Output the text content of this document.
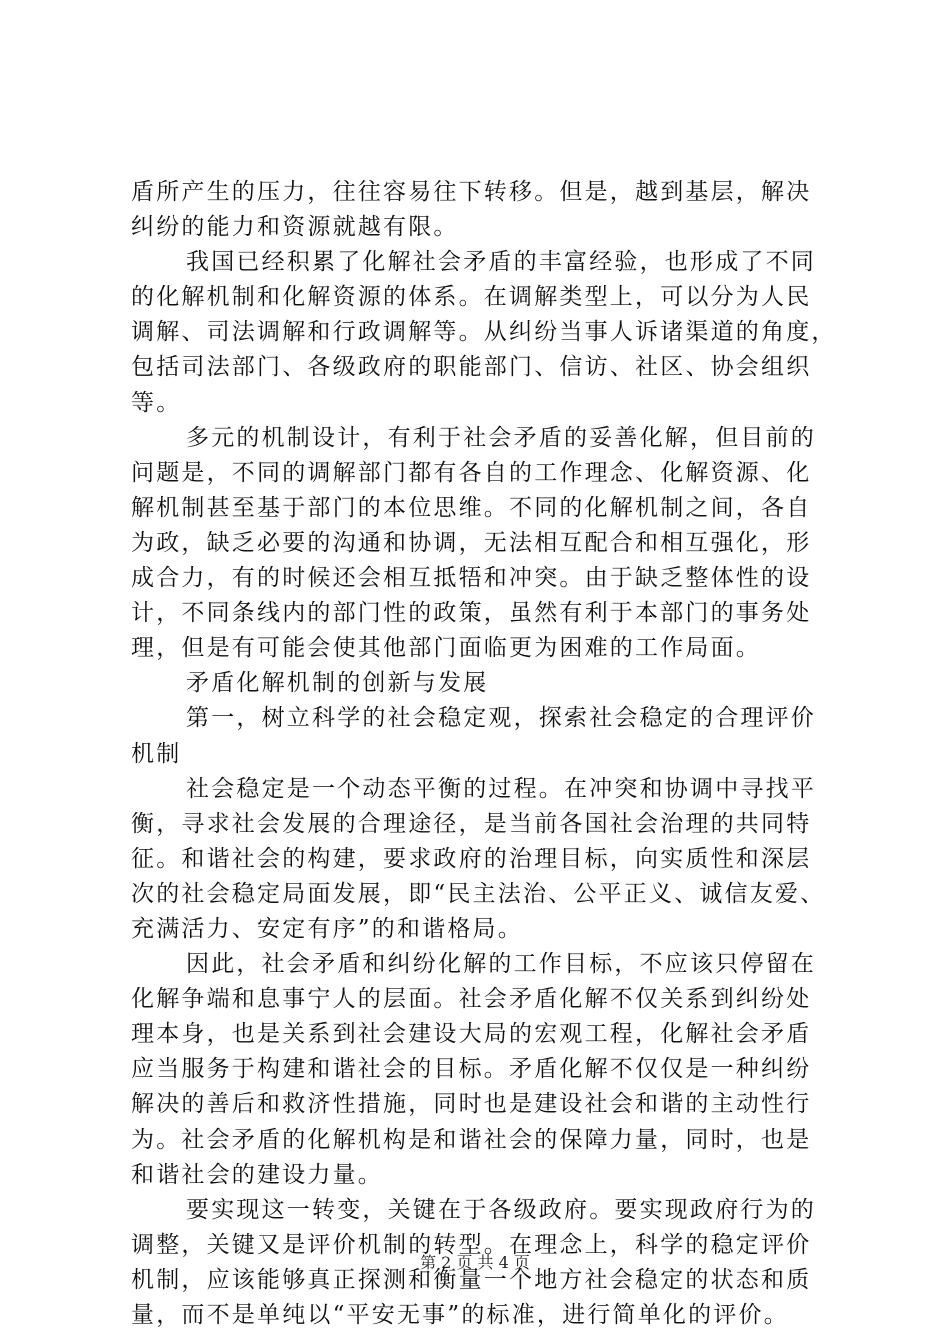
盾所产生的压力，往往容易往下转移。但是，越到基层，解决
纠纷的能力和资源就越有限。
我国已经积累了化解社会矛盾的丰富经验，也形成了不同
的化解机制和化解资源的体系。在调解类型上，可以分为人民
调解、司法调解和行政调解等。从纠纷当事人诉诸渠道的角度，
包括司法部门、各级政府的职能部门、信访、社区、协会组织
等。
多元的机制设计，有利于社会矛盾的妥善化解，但目前的
问题是，不同的调解部门都有各自的工作理念、化解资源、化
解机制甚至基于部门的本位思维。不同的化解机制之间，各自
为政，缺乏必要的沟通和协调，无法相互配合和相互强化，形
成合力，有的时候还会相互抵牾和冲突。由于缺乏整体性的设
计，不同条线内的部门性的政策，虽然有利于本部门的事务处
理，但是有可能会使其他部门面临更为困难的工作局面。
矛盾化解机制的创新与发展
第一，树立科学的社会稳定观，探索社会稳定的合理评价
机制
社会稳定是一个动态平衡的过程。在冲突和协调中寻找平
衡，寻求社会发展的合理途径，是当前各国社会治理的共同特
征。和谐社会的构建，要求政府的治理目标，向实质性和深层
次的社会稳定局面发展，即“民主法治、公平正义、诚信友爱、
充满活力、安定有序”的和谐格局。
因此，社会矛盾和纠纷化解的工作目标，不应该只停留在
化解争端和息事宁人的层面。社会矛盾化解不仅关系到纠纷处
理本身，也是关系到社会建设大局的宏观工程，化解社会矛盾
应当服务于构建和谐社会的目标。矛盾化解不仅仅是一种纠纷
解决的善后和救济性措施，同时也是建设社会和谐的主动性行
为。社会矛盾的化解机构是和谐社会的保障力量，同时，也是
和谐社会的建设力量。
要实现这一转变，关键在于各级政府。要实现政府行为的
调整，关键又是评价机制的转型。在理念上，科学的稳定评价
机制，应该能够真正探测和衡量一个地方社会稳定的状态和质
量，而不是单纯以“平安无事”的标准，进行简单化的评价。
第 2 页 共 4 页
